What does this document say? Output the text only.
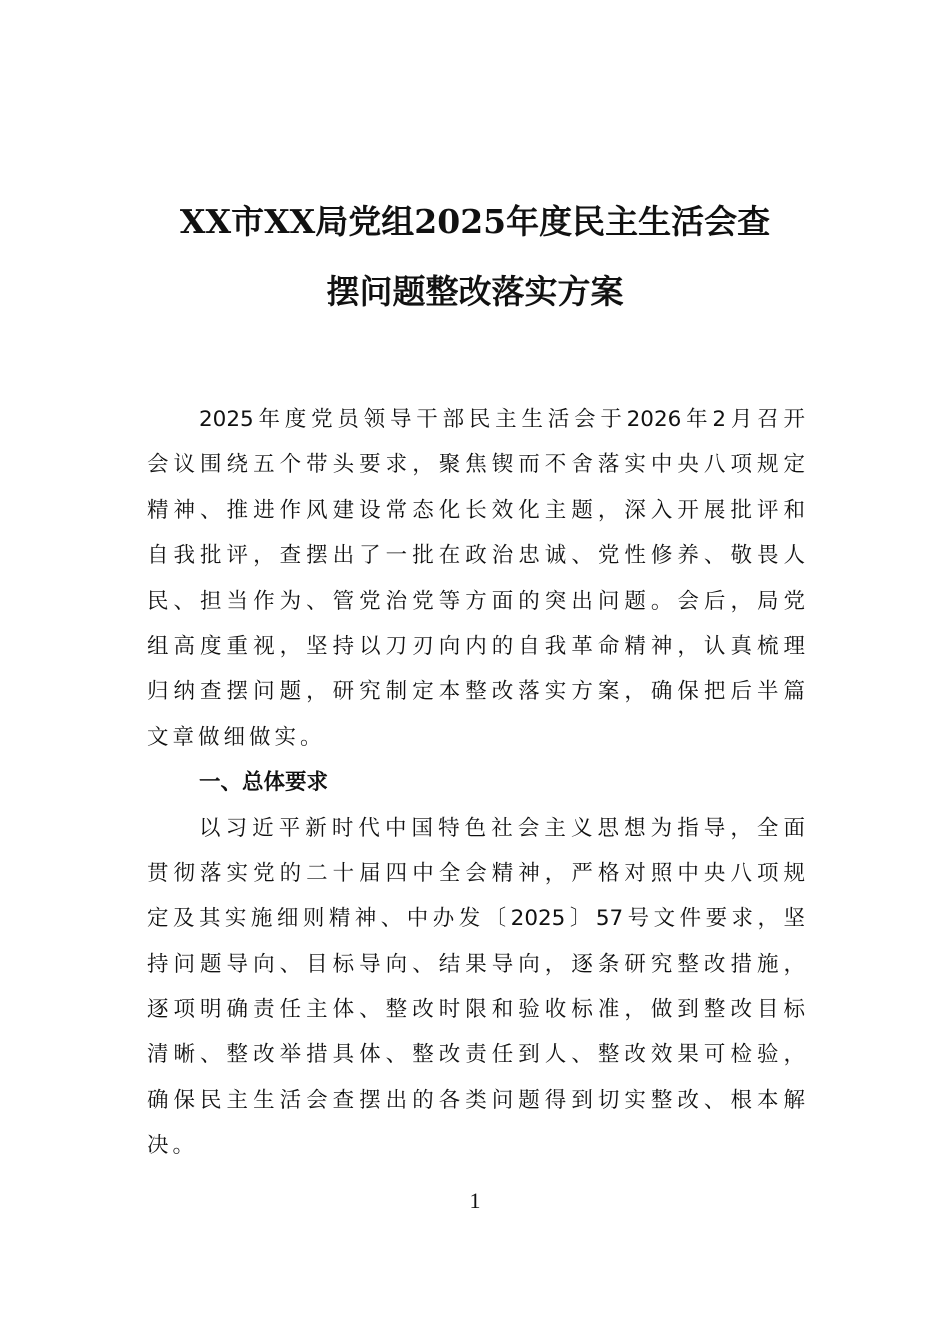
XX市XX局党组2025年度民主生活会查
摆问题整改落实方案
2025年度党员领导干部民主生活会于2026年2月召开
会议围绕五个带头要求，聚焦锲而不舍落实中央八项规定
精神、推进作风建设常态化长效化主题，深入开展批评和
自我批评，查摆出了一批在政治忠诚、党性修养、敬畏人
民、担当作为、管党治党等方面的突出问题。会后，局党
组高度重视，坚持以刀刃向内的自我革命精神，认真梳理
归纳查摆问题，研究制定本整改落实方案，确保把后半篇
文章做细做实。
一、总体要求
以习近平新时代中国特色社会主义思想为指导，全面
贯彻落实党的二十届四中全会精神，严格对照中央八项规
定及其实施细则精神、中办发〔2025〕57号文件要求，坚
持问题导向、目标导向、结果导向，逐条研究整改措施，
逐项明确责任主体、整改时限和验收标准，做到整改目标
清晰、整改举措具体、整改责任到人、整改效果可检验，
确保民主生活会查摆出的各类问题得到切实整改、根本解
决。
1
